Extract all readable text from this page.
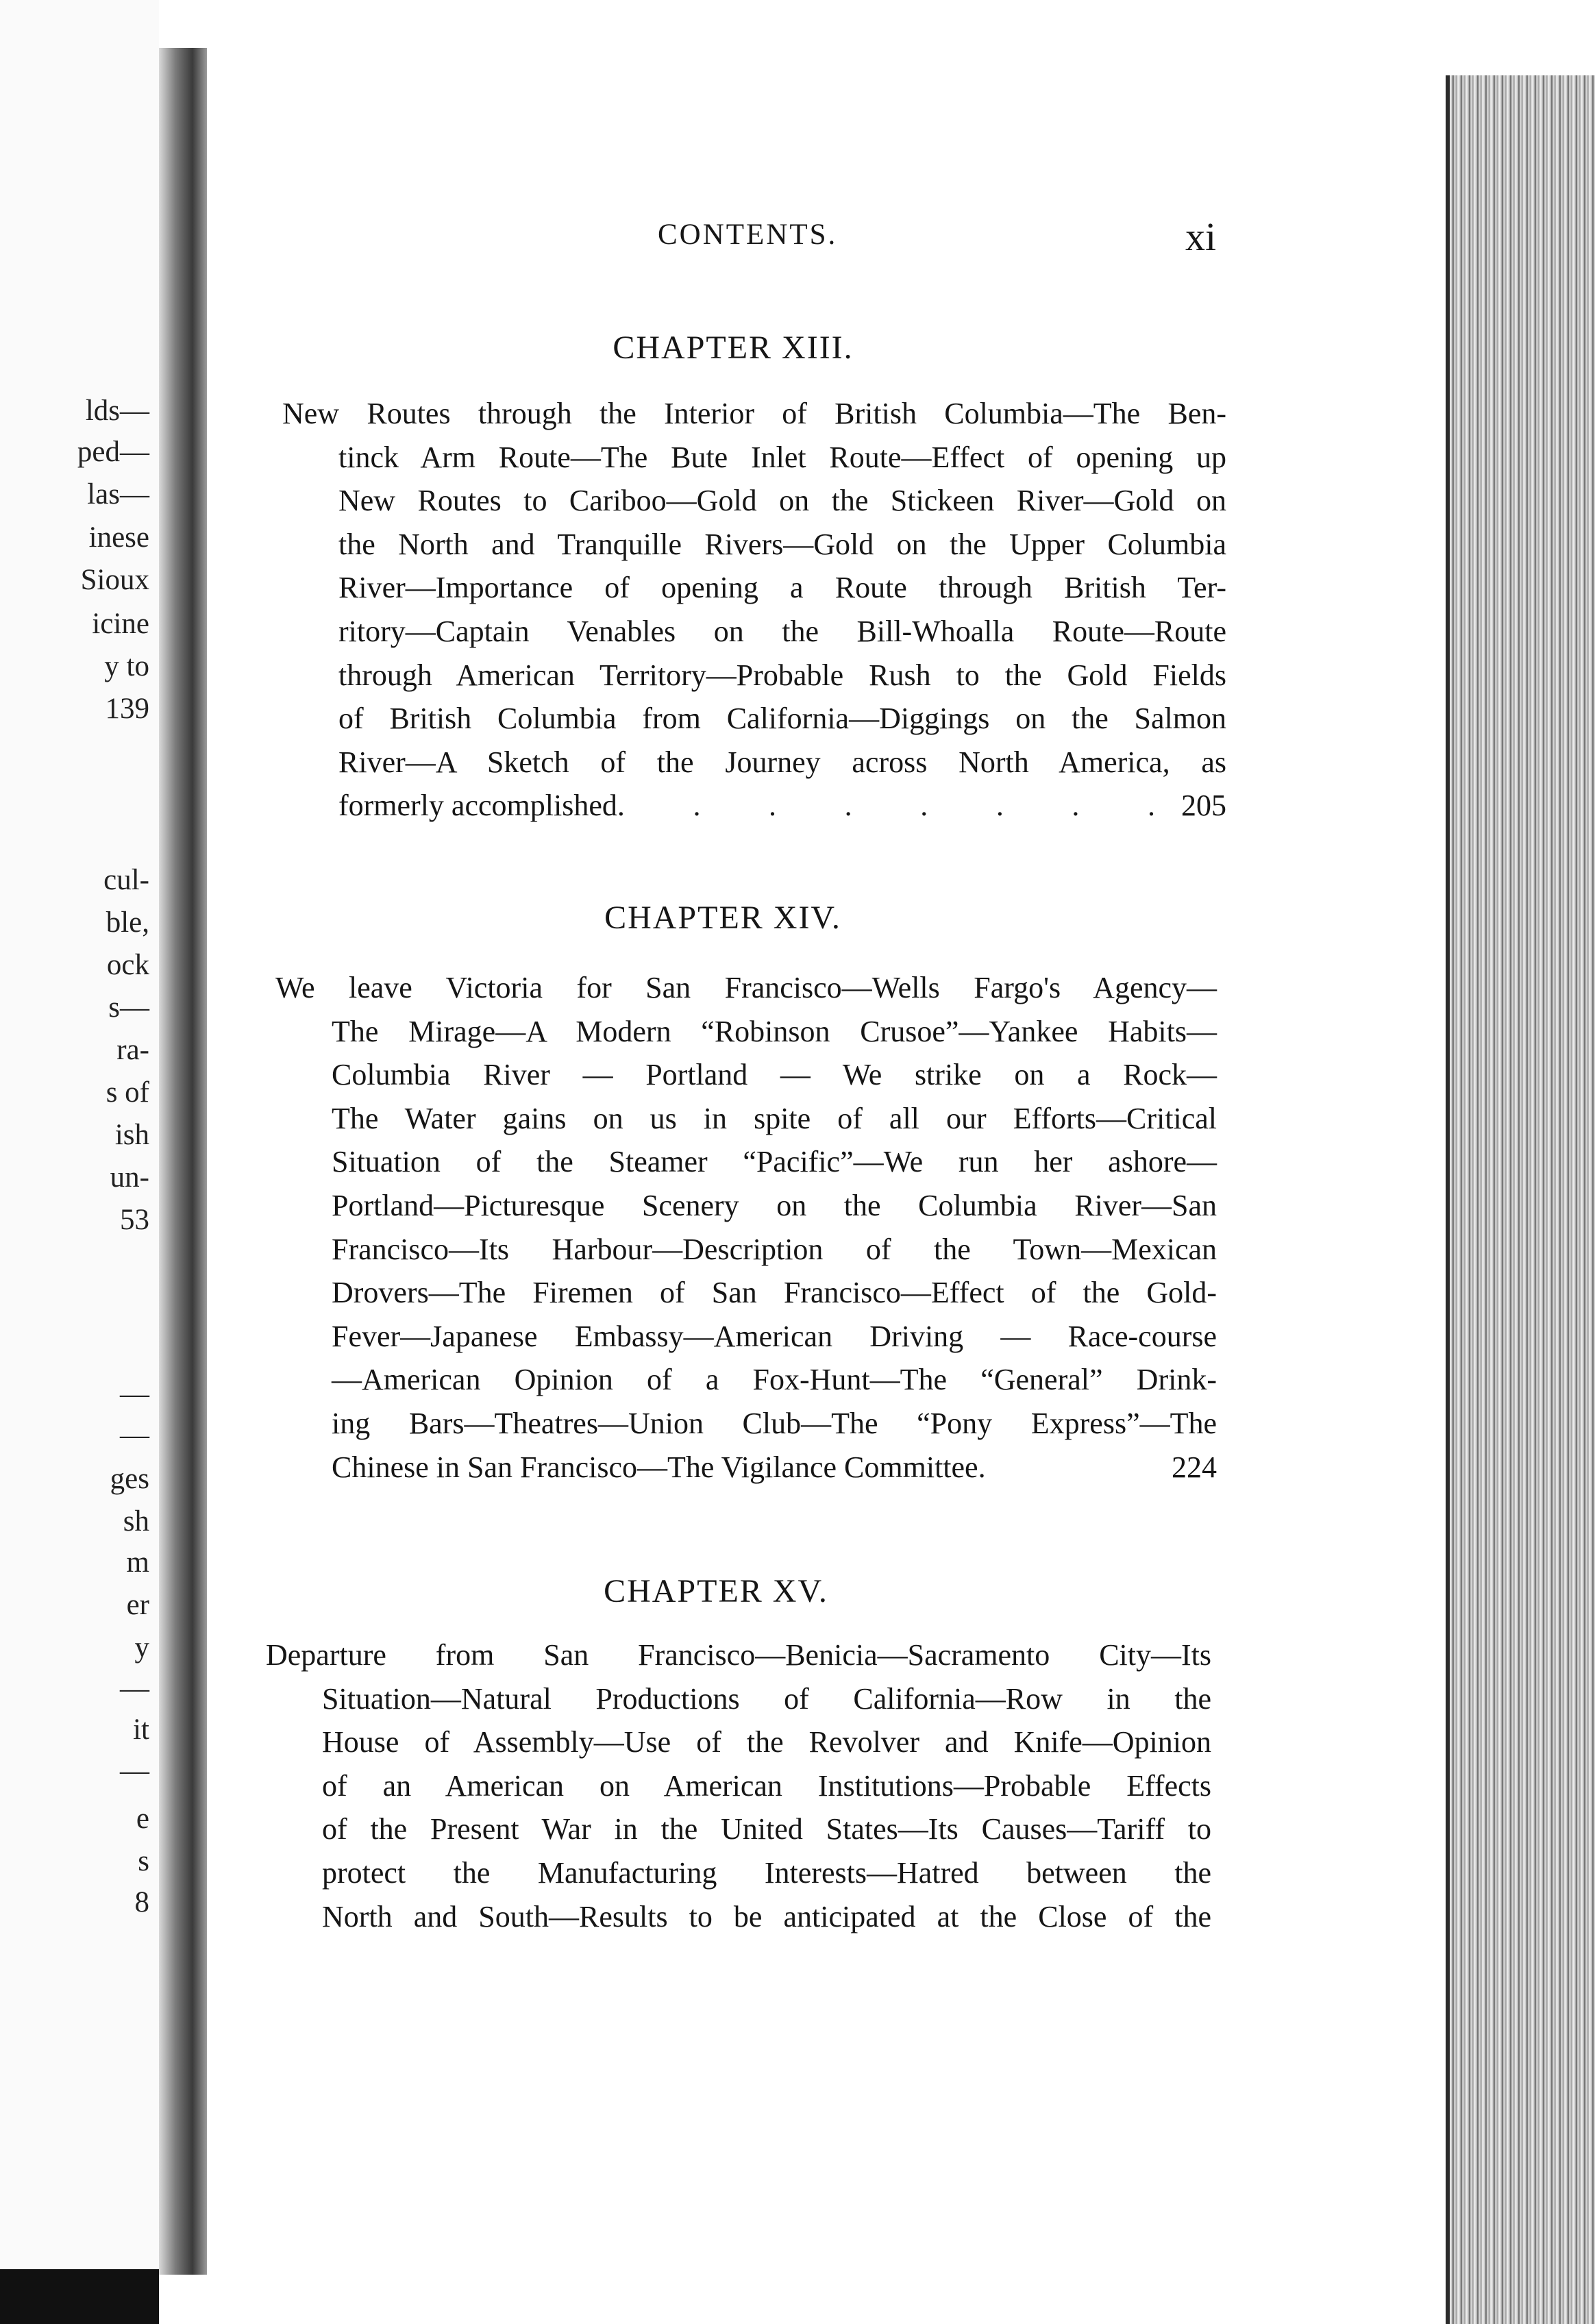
lds—
ped—
las—
inese
Sioux
icine
y to
139
cul-
ble,
ock
s—
ra-
s of
ish
un-
53
—
—
ges
sh
m
er
y
—
it
—
e
s
8
CONTENTS.	xi
CHAPTER XIII.
New Routes through the Interior of British Columbia—The Ben-
tinck Arm Route—The Bute Inlet Route—Effect of opening up
New Routes to Cariboo—Gold on the Stickeen River—Gold on
the North and Tranquille Rivers—Gold on the Upper Columbia
River—Importance of opening a Route through British Ter-
ritory—Captain Venables on the Bill-Whoalla Route—Route
through American Territory—Probable Rush to the Gold Fields
of British Columbia from California—Diggings on the Salmon
River—A Sketch of the Journey across North America, as
formerly accomplished . . . . . . . . 205
CHAPTER XIV.
We leave Victoria for San Francisco—Wells Fargo's Agency—
The Mirage—A Modern “Robinson Crusoe”—Yankee Habits—
Columbia River — Portland — We strike on a Rock—
The Water gains on us in spite of all our Efforts—Critical
Situation of the Steamer “Pacific”—We run her ashore—
Portland—Picturesque Scenery on the Columbia River—San
Francisco—Its Harbour—Description of the Town—Mexican
Drovers—The Firemen of San Francisco—Effect of the Gold-
Fever—Japanese Embassy—American Driving — Race-course
—American Opinion of a Fox-Hunt—The “General” Drink-
ing Bars—Theatres—Union Club—The “Pony Express”—The
Chinese in San Francisco—The Vigilance Committee .	224
CHAPTER XV.
Departure from San Francisco—Benicia—Sacramento City—Its
Situation—Natural Productions of California—Row in the
House of Assembly—Use of the Revolver and Knife—Opinion
of an American on American Institutions—Probable Effects
of the Present War in the United States—Its Causes—Tariff to
protect the Manufacturing Interests—Hatred between the
North and South—Results to be anticipated at the Close of the
